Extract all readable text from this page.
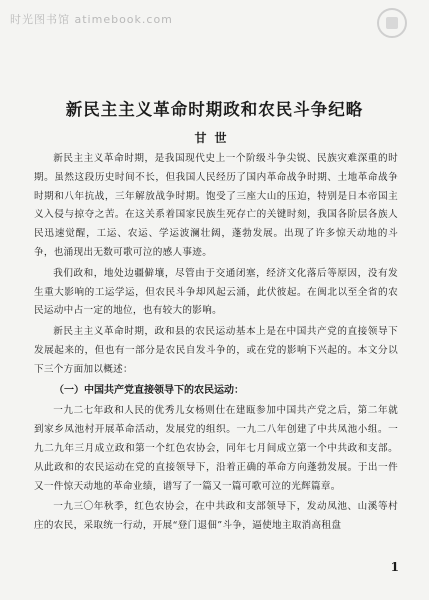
时光图书馆 atimebook.com
新民主主义革命时期政和农民斗争纪略
甘世

新民主主义革命时期，是我国现代史上一个阶级斗争尖锐、民族灾难深重的时期。虽然这段历史时间不长，但我国人民经历了国内革命战争时期、土地革命战争时期和八年抗战，三年解放战争时期。饱受了三座大山的压迫，特别是日本帝国主义入侵与掠夺之苦。在这关系着国家民族生死存亡的关键时刻，我国各阶层各族人民迅速觉醒，工运、农运、学运波澜壮阔，蓬勃发展。出现了许多惊天动地的斗争，也涌现出无数可歌可泣的感人事迹。

我们政和，地处边疆僻壤，尽管由于交通闭塞，经济文化落后等原因，没有发生重大影响的工运学运，但农民斗争却风起云涌，此伏彼起。在闽北以至全省的农民运动中占一定的地位，也有较大的影响。

新民主主义革命时期，政和县的农民运动基本上是在中国共产党的直接领导下发展起来的，但也有一部分是农民自发斗争的，或在党的影响下兴起的。本文分以下三个方面加以概述：

（一）中国共产党直接领导下的农民运动：

一九二七年政和人民的优秀儿女杨则仕在建瓯参加中国共产党之后，第二年就到家乡凤池村开展革命活动，发展党的组织。一九二八年创建了中共凤池小组。一九二九年三月成立政和第一个红色农协会，同年七月间成立第一个中共政和支部。从此政和的农民运动在党的直接领导下，沿着正确的革命方向蓬勃发展。于出一件又一件惊天动地的革命业绩，谱写了一篇又一篇可歌可泣的光辉篇章。

一九三〇年秋季，红色农协会，在中共政和支部领导下，发动凤池、山溪等村庄的农民，采取统一行动，开展“登门退佃”斗争，逼使地主取消高租盘

1
